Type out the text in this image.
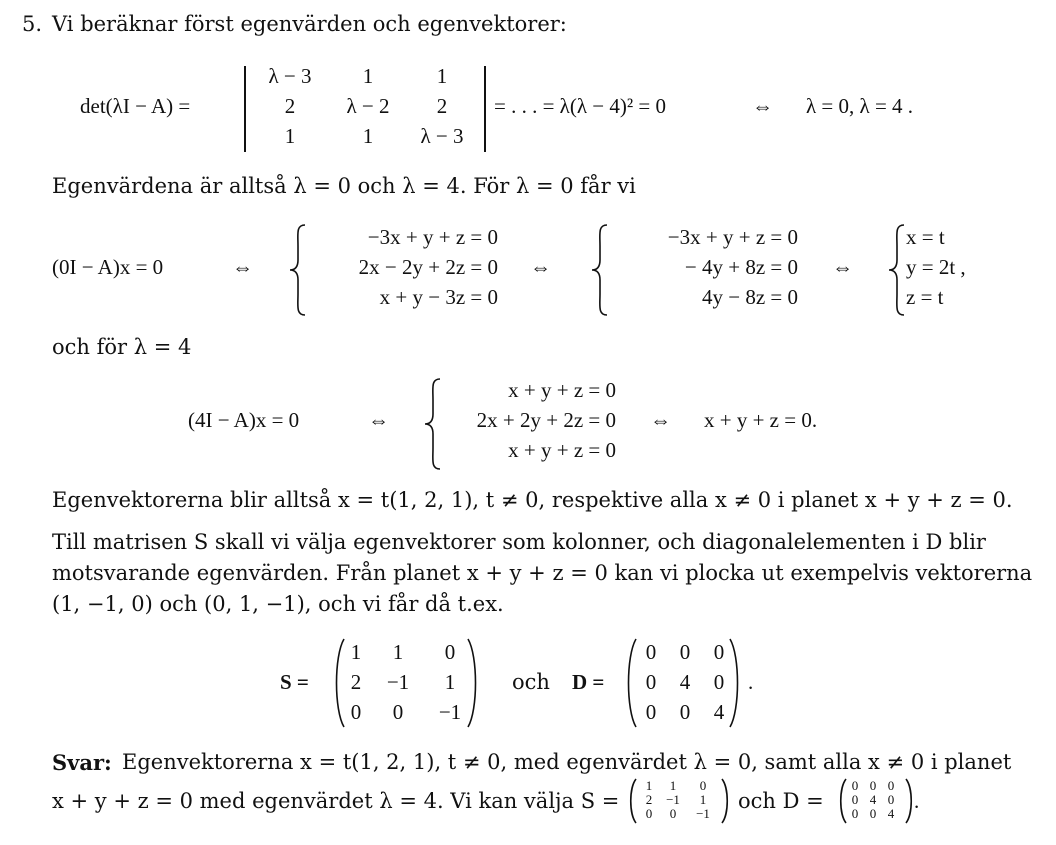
5. Vi beräknar först egenvärden och egenvektorer:
det(λI − A) =
λ − 3	1	1
2	λ − 2	2
1	1	λ − 3
= . . . = λ(λ − 4)² = 0	⇔ λ = 0, λ = 4 .
Egenvärdena är alltså λ = 0 och λ = 4. För λ = 0 får vi
(0I − A)x = 0	⇔
−3x + y + z = 0
2x − 2y + 2z = 0
x + y − 3z = 0
⇔
−3x + y + z = 0
− 4y + 8z = 0
4y − 8z = 0
⇔
x = t
y = 2t ,
z = t
och för λ = 4
(4I − A)x = 0	⇔
x + y + z = 0
2x + 2y + 2z = 0
x + y + z = 0
⇔ x + y + z = 0.
Egenvektorerna blir alltså x = t(1, 2, 1), t ≠ 0, respektive alla x ≠ 0 i planet x + y + z = 0.
Till matrisen S skall vi välja egenvektorer som kolonner, och diagonalelementen i D blir
motsvarande egenvärden. Från planet x + y + z = 0 kan vi plocka ut exempelvis vektorerna
(1, −1, 0) och (0, 1, −1), och vi får då t.ex.
S =
1	1	0
2	−1	1
0	0	−1
och D =
0	0	0
0	4	0
0	0	4
.
Svar: Egenvektorerna x = t(1, 2, 1), t ≠ 0, med egenvärdet λ = 0, samt alla x ≠ 0 i planet
x + y + z = 0 med egenvärdet λ = 4. Vi kan välja S =
1	1	0
2	−1	1
0	0	−1
och D =
0 0 0
0 4 0
0 0 4
.
